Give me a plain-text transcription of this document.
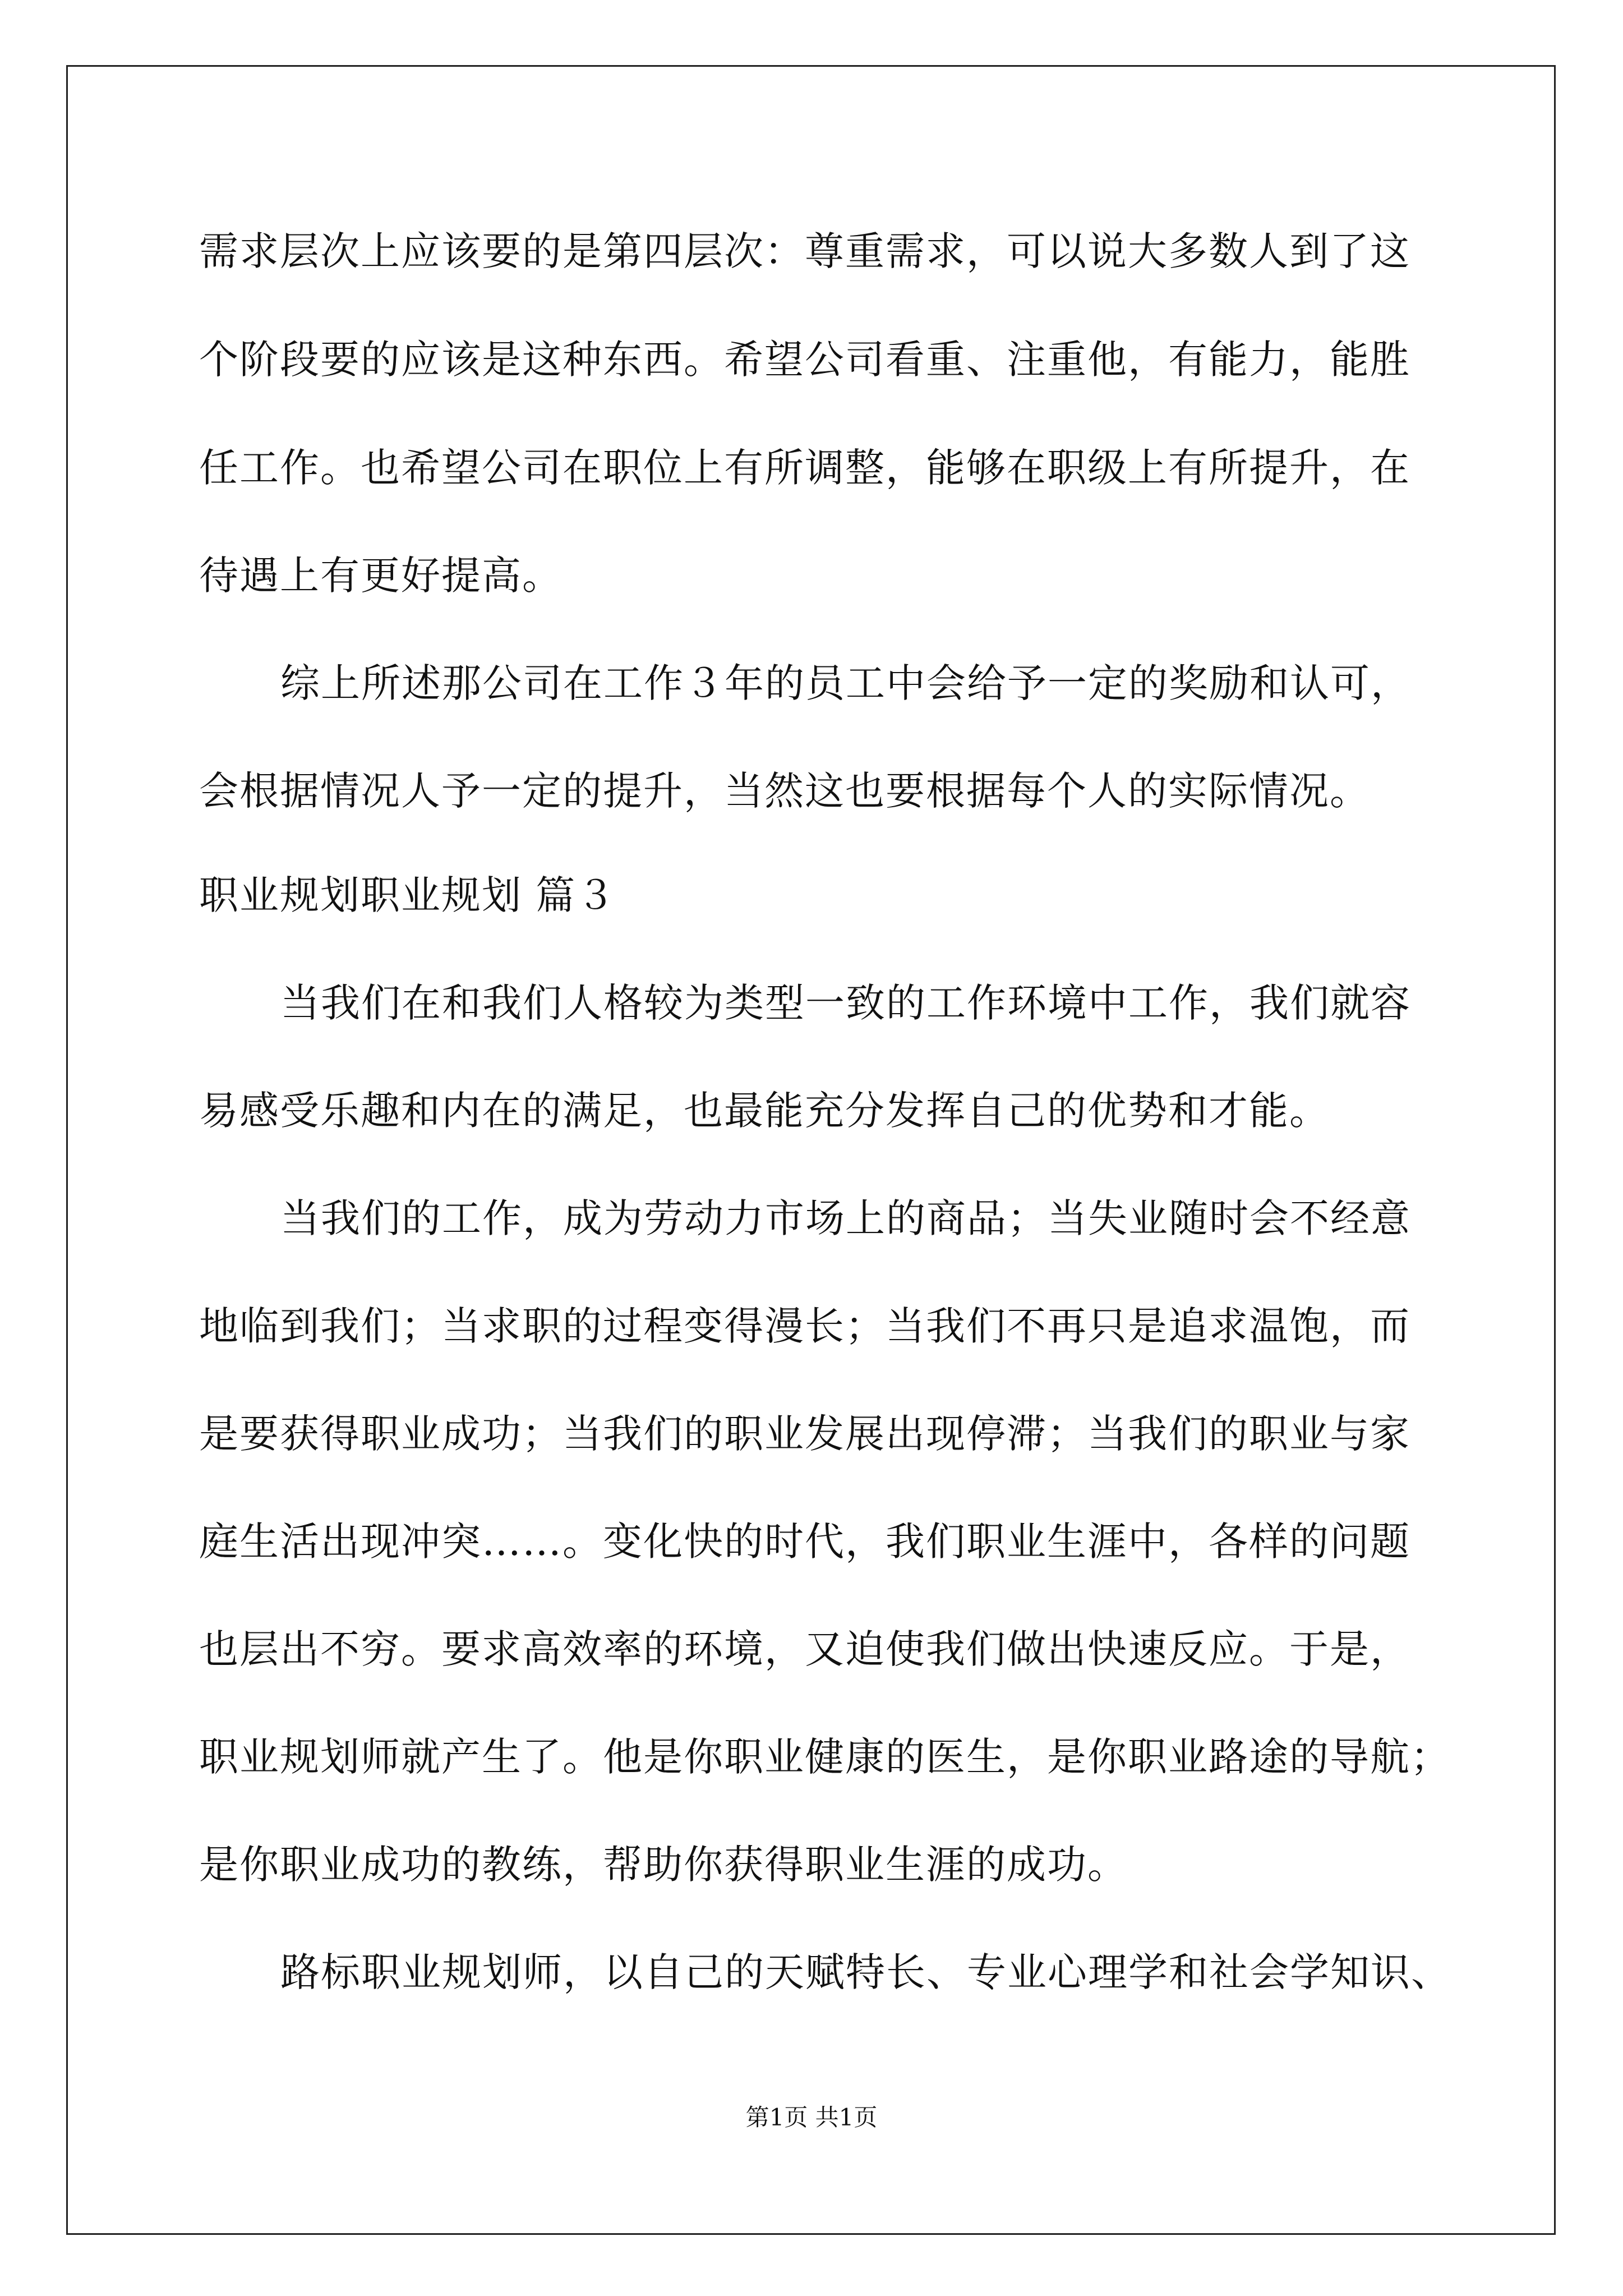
需求层次上应该要的是第四层次：尊重需求，可以说大多数人到了这
个阶段要的应该是这种东西。希望公司看重、注重他，有能力，能胜
任工作。也希望公司在职位上有所调整，能够在职级上有所提升，在
待遇上有更好提高。
综上所述那公司在工作３年的员工中会给予一定的奖励和认可，
会根据情况人予一定的提升，当然这也要根据每个人的实际情况。
职业规划职业规划 篇３
当我们在和我们人格较为类型一致的工作环境中工作，我们就容
易感受乐趣和内在的满足，也最能充分发挥自己的优势和才能。
当我们的工作，成为劳动力市场上的商品；当失业随时会不经意
地临到我们；当求职的过程变得漫长；当我们不再只是追求温饱，而
是要获得职业成功；当我们的职业发展出现停滞；当我们的职业与家
庭生活出现冲突……。变化快的时代，我们职业生涯中，各样的问题
也层出不穷。要求高效率的环境，又迫使我们做出快速反应。于是，
职业规划师就产生了。他是你职业健康的医生，是你职业路途的导航；
是你职业成功的教练，帮助你获得职业生涯的成功。
路标职业规划师，以自己的天赋特长、专业心理学和社会学知识、
第1页 共1页
